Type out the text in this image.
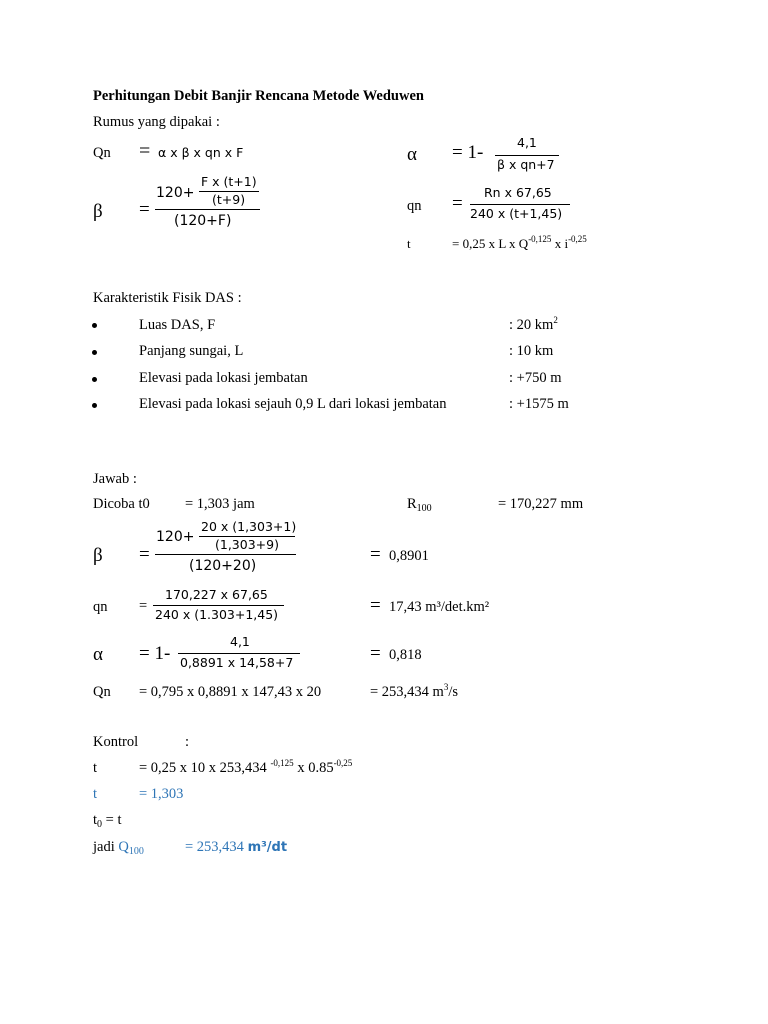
Perhitungan Debit Banjir Rencana Metode Weduwen
Rumus yang dipakai :
Qn = α x β x qn x F	α = 1-	4,1
β x qn+7
β =
120+
F x (t+1)
(t+9)
(120+F)
qn =
Rn x 67,65
240 x (t+1,45)
t	= 0,25 x L x $Q^{-0,125}$ x $i^{-0,25}$
Karakteristik Fisik DAS :
Luas DAS, F	: 20 $km^2$
Panjang sungai, L	: 10 km
Elevasi pada lokasi jembatan	: +750 m
Elevasi pada lokasi sejauh 0,9 L dari lokasi jembatan	: +1575 m
Jawab :
Dicoba t0 = 1,303 jam	$R_{100}$	= 170,227 mm
β =
120+
20 x (1,303+1)
(1,303+9)
(120+20)
= 0,8901
qn =
170,227 x 67,65
240 x (1.303+1,45)	= 17,43 m³/det.km²
α = 1-
4,1
0,8891 x 14,58+7	= 0,818
Qn = 0,795 x 0,8891 x 147,43 x 20	= 253,434 $m^3/s$
Kontrol	:
t	= 0,25 x 10 x 253,434 $^{-0,125}$ x $0.85^{-0,25}$
t	= 1,303
$t_0 = t$
jadi $Q_{100}$	= 253,434 m³/dt
